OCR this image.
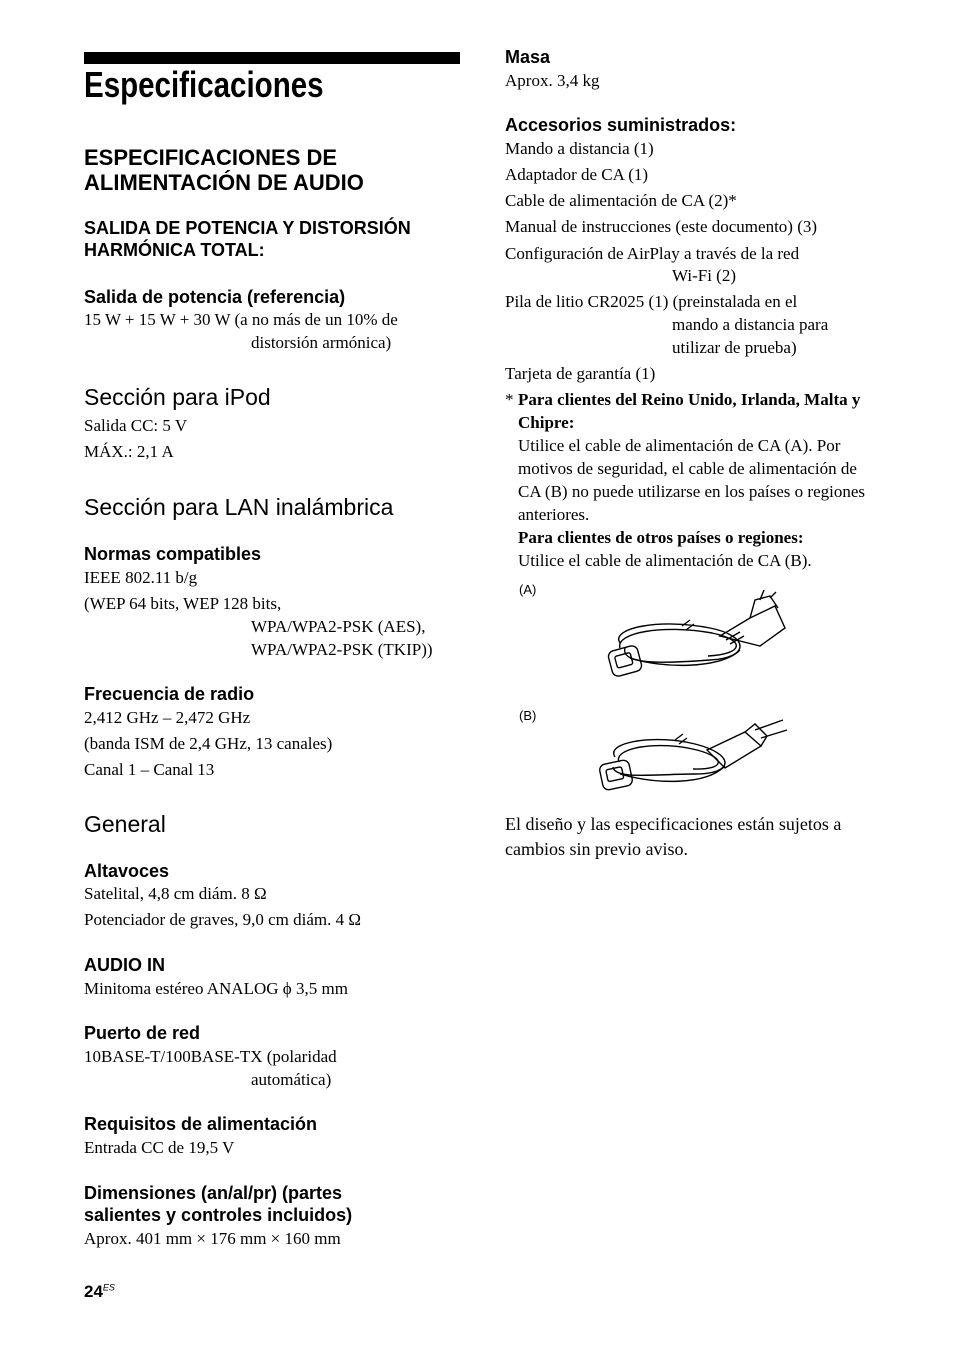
Especificaciones
ESPECIFICACIONES DE ALIMENTACIÓN DE AUDIO
SALIDA DE POTENCIA Y DISTORSIÓN HARMÓNICA TOTAL:
Salida de potencia (referencia)
15 W + 15 W + 30 W (a no más de un 10% de
distorsión armónica)
Sección para iPod
Salida CC: 5 V
MÁX.: 2,1 A
Sección para LAN inalámbrica
Normas compatibles
IEEE 802.11 b/g
(WEP 64 bits, WEP 128 bits,
WPA/WPA2-PSK (AES),
WPA/WPA2-PSK (TKIP))
Frecuencia de radio
2,412 GHz – 2,472 GHz
(banda ISM de 2,4 GHz, 13 canales)
Canal 1 – Canal 13
General
Altavoces
Satelital, 4,8 cm diám. 8 Ω
Potenciador de graves, 9,0 cm diám. 4 Ω
AUDIO IN
Minitoma estéreo ANALOG ϕ 3,5 mm
Puerto de red
10BASE-T/100BASE-TX (polaridad
automática)
Requisitos de alimentación
Entrada CC de 19,5 V
Dimensiones (an/al/pr) (partes salientes y controles incluidos)
Aprox. 401 mm × 176 mm × 160 mm
$24^{ES}$
Masa
Aprox. 3,4 kg
Accesorios suministrados:
Mando a distancia (1)
Adaptador de CA (1)
Cable de alimentación de CA (2)*
Manual de instrucciones (este documento) (3)
Configuración de AirPlay a través de la red
Wi-Fi (2)
Pila de litio CR2025 (1) (preinstalada en el
mando a distancia para
utilizar de prueba)
Tarjeta de garantía (1)
* Para clientes del Reino Unido, Irlanda, Malta y Chipre:
Utilice el cable de alimentación de CA (A). Por motivos de seguridad, el cable de alimentación de CA (B) no puede utilizarse en los países o regiones anteriores.
Para clientes de otros países o regiones:
Utilice el cable de alimentación de CA (B).
(A)
(B)
El diseño y las especificaciones están sujetos a cambios sin previo aviso.
